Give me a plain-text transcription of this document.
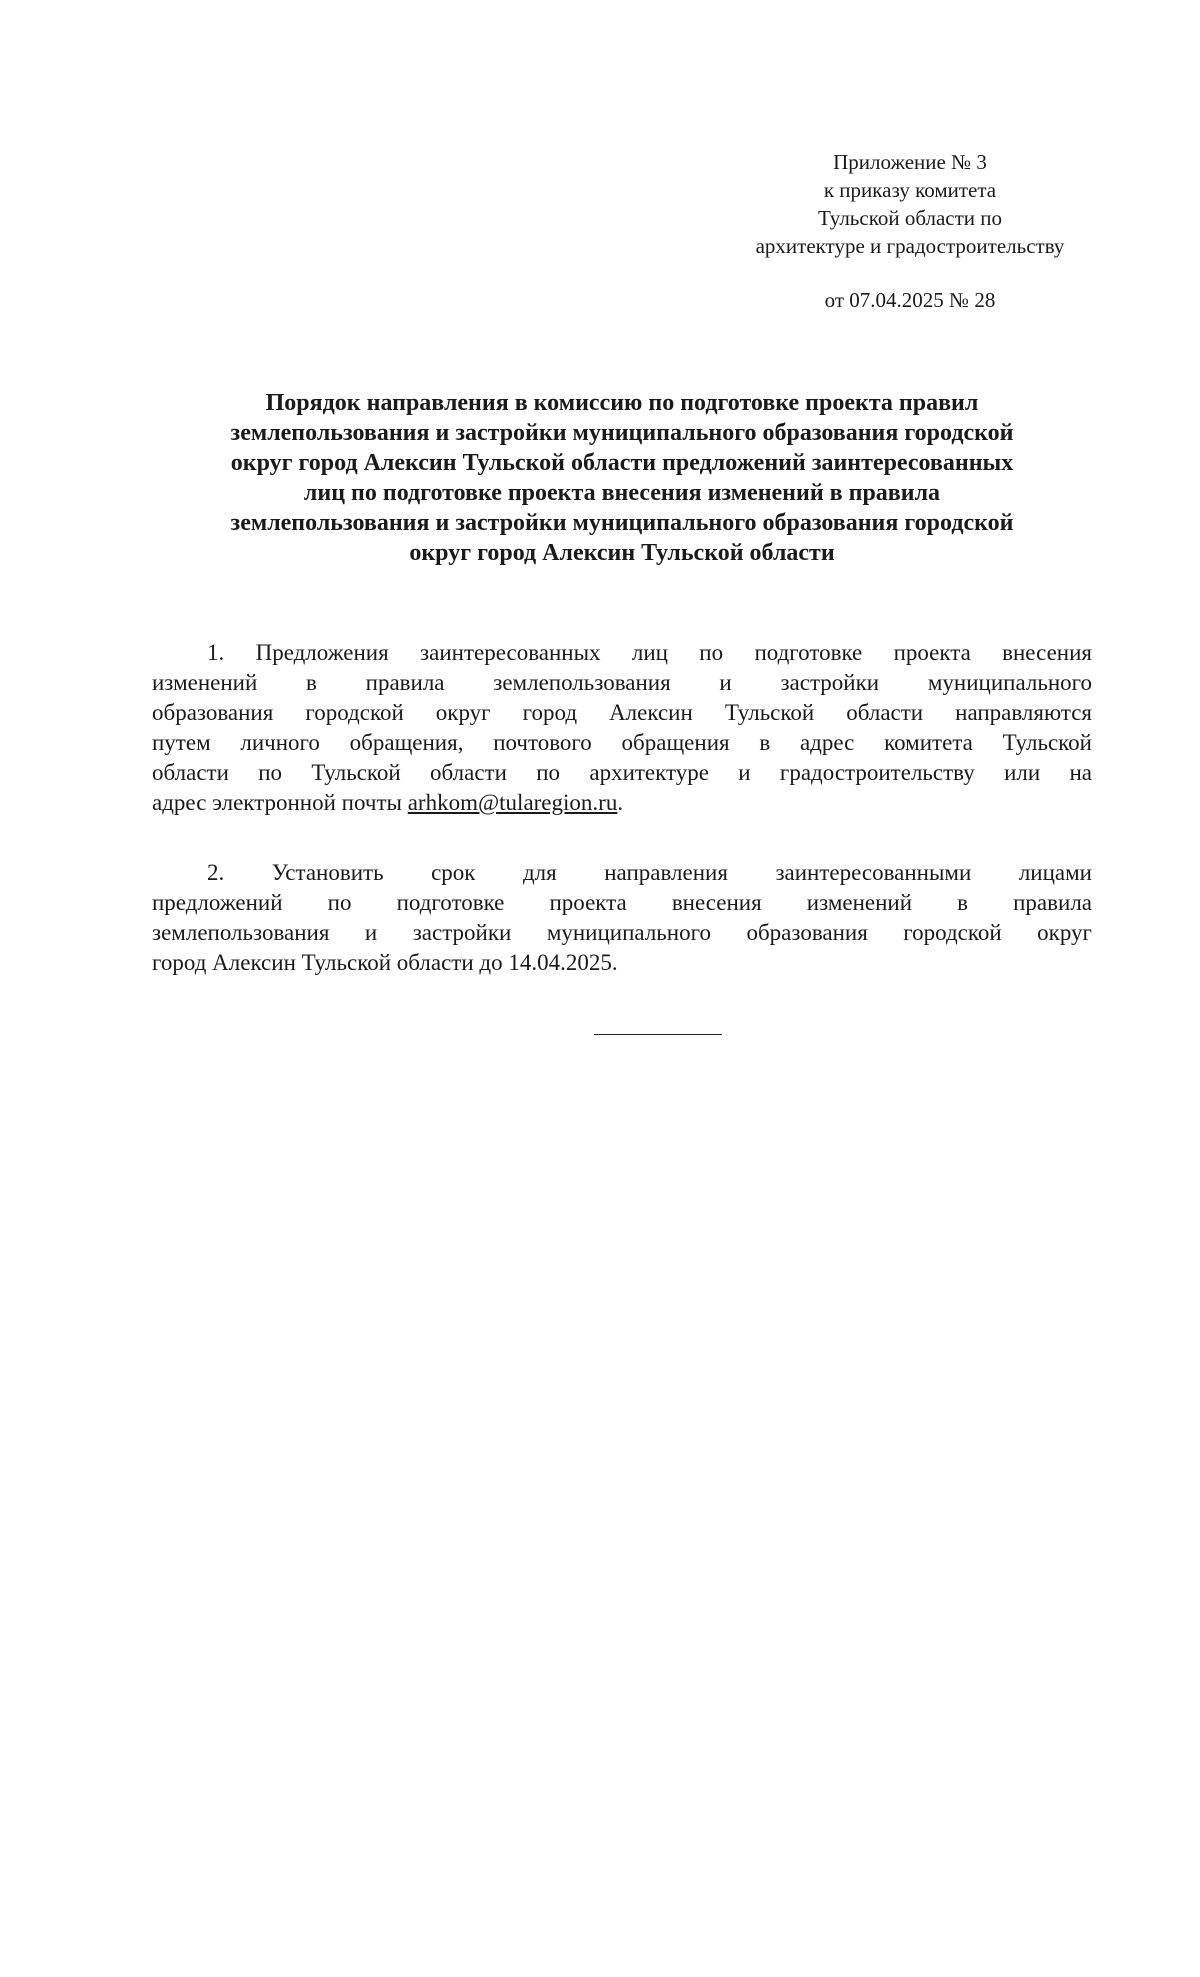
Приложение № 3
к приказу комитета
Тульской области по
архитектуре и градостроительству
от 07.04.2025 № 28
Порядок направления в комиссию по подготовке проекта правил
землепользования и застройки муниципального образования городской
округ город Алексин Тульской области предложений заинтересованных
лиц по подготовке проекта внесения изменений в правила
землепользования и застройки муниципального образования городской
округ город Алексин Тульской области
1. Предложения заинтересованных лиц по подготовке проекта внесения
изменений в правила землепользования и застройки муниципального
образования городской округ город Алексин Тульской области направляются
путем личного обращения, почтового обращения в адрес комитета Тульской
области по Тульской области по архитектуре и градостроительству или на
адрес электронной почты arhkom@tularegion.ru.
2. Установить срок для направления заинтересованными лицами
предложений по подготовке проекта внесения изменений в правила
землепользования и застройки муниципального образования городской округ
город Алексин Тульской области до 14.04.2025.
